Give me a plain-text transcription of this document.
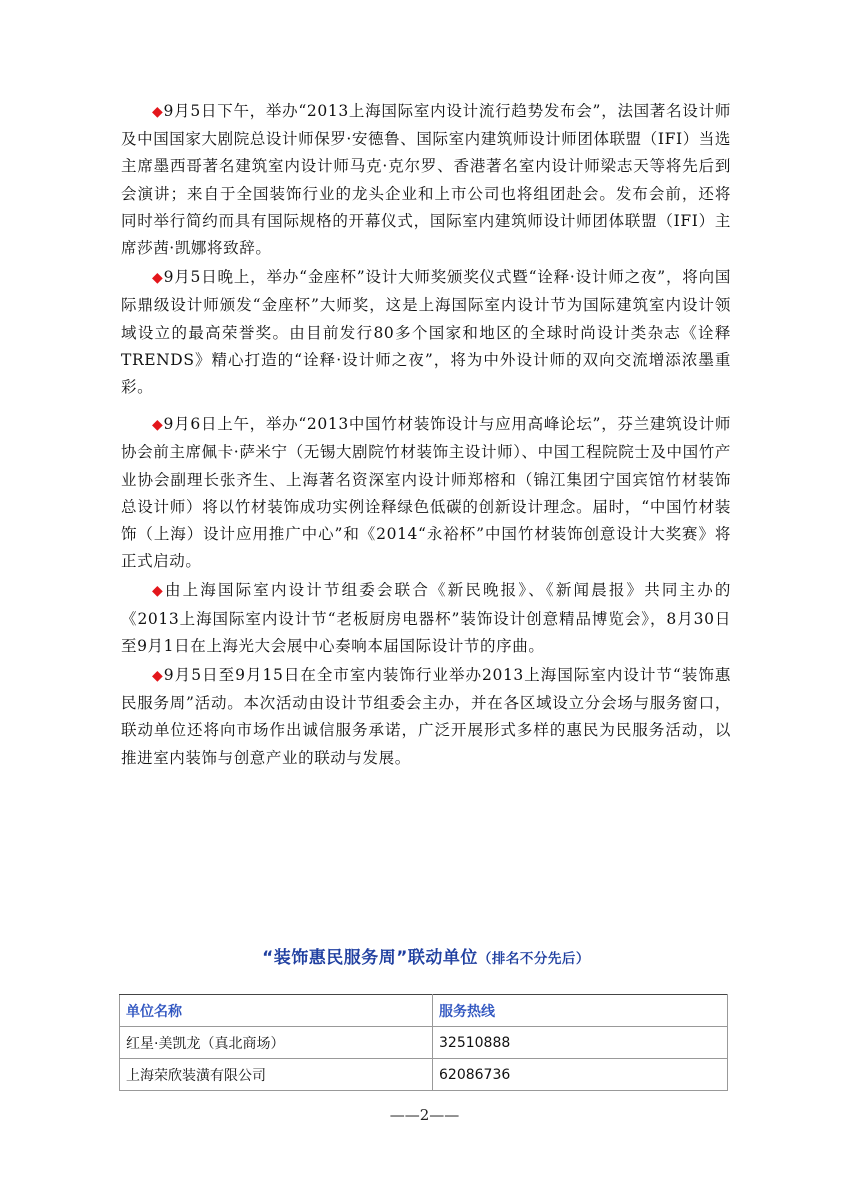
◆9月5日下午，举办“2013上海国际室内设计流行趋势发布会”，法国著名设计师及中国国家大剧院总设计师保罗·安德鲁、国际室内建筑师设计师团体联盟（IFI）当选主席墨西哥著名建筑室内设计师马克·克尔罗、香港著名室内设计师梁志天等将先后到会演讲；来自于全国装饰行业的龙头企业和上市公司也将组团赴会。发布会前，还将同时举行简约而具有国际规格的开幕仪式，国际室内建筑师设计师团体联盟（IFI）主席莎茜·凯娜将致辞。

◆9月5日晚上，举办“金座杯”设计大师奖颁奖仪式暨“诠释·设计师之夜”，将向国际鼎级设计师颁发“金座杯”大师奖，这是上海国际室内设计节为国际建筑室内设计领域设立的最高荣誉奖。由目前发行80多个国家和地区的全球时尚设计类杂志《诠释TRENDS》精心打造的“诠释·设计师之夜”，将为中外设计师的双向交流增添浓墨重彩。

◆9月6日上午，举办“2013中国竹材装饰设计与应用高峰论坛”，芬兰建筑设计师协会前主席佩卡·萨米宁（无锡大剧院竹材装饰主设计师）、中国工程院院士及中国竹产业协会副理长张齐生、上海著名资深室内设计师郑榕和（锦江集团宁国宾馆竹材装饰总设计师）将以竹材装饰成功实例诠释绿色低碳的创新设计理念。届时，“中国竹材装饰（上海）设计应用推广中心”和《2014“永裕杯”中国竹材装饰创意设计大奖赛》将正式启动。

◆由上海国际室内设计节组委会联合《新民晚报》、《新闻晨报》共同主办的《2013上海国际室内设计节“老板厨房电器杯”装饰设计创意精品博览会》，8月30日至9月1日在上海光大会展中心奏响本届国际设计节的序曲。

◆9月5日至9月15日在全市室内装饰行业举办2013上海国际室内设计节“装饰惠民服务周”活动。本次活动由设计节组委会主办，并在各区域设立分会场与服务窗口，联动单位还将向市场作出诚信服务承诺，广泛开展形式多样的惠民为民服务活动，以推进室内装饰与创意产业的联动与发展。

“装饰惠民服务周”联动单位（排名不分先后）
单位名称	服务热线
红星·美凯龙（真北商场）	32510888
上海荣欣装潢有限公司	62086736
——2——
